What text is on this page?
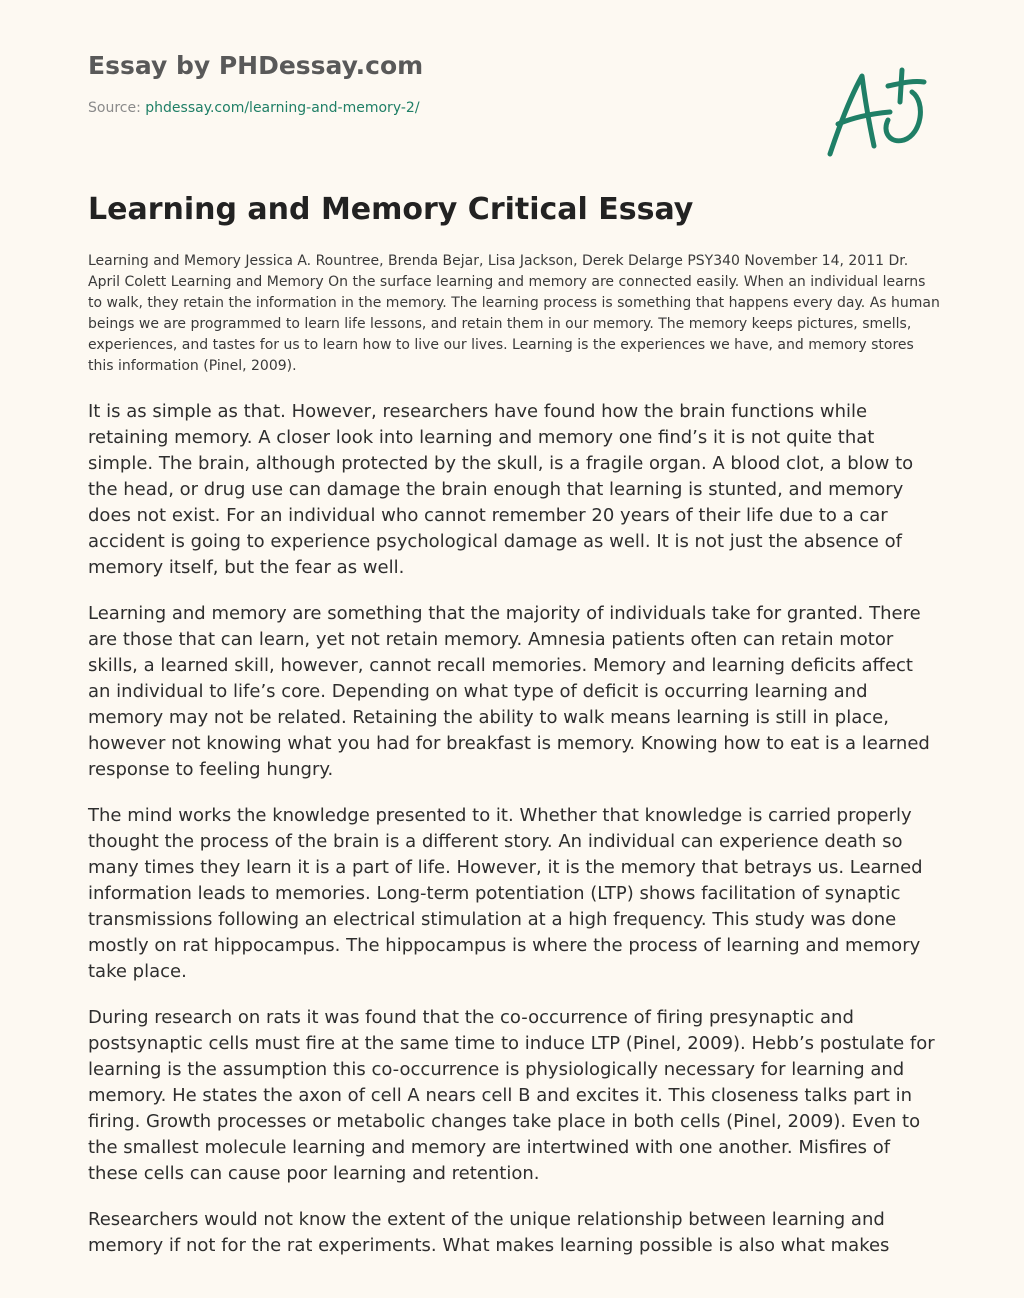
Essay by PHDessay.com
Source: phdessay.com/learning-and-memory-2/
Learning and Memory Critical Essay

Learning and Memory Jessica A. Rountree, Brenda Bejar, Lisa Jackson, Derek Delarge PSY340 November 14, 2011 Dr. April Colett Learning and Memory On the surface learning and memory are connected easily. When an individual learns to walk, they retain the information in the memory. The learning process is something that happens every day. As human beings we are programmed to learn life lessons, and retain them in our memory. The memory keeps pictures, smells, experiences, and tastes for us to learn how to live our lives. Learning is the experiences we have, and memory stores this information (Pinel, 2009).

It is as simple as that. However, researchers have found how the brain functions while retaining memory. A closer look into learning and memory one find’s it is not quite that simple. The brain, although protected by the skull, is a fragile organ. A blood clot, a blow to the head, or drug use can damage the brain enough that learning is stunted, and memory does not exist. For an individual who cannot remember 20 years of their life due to a car accident is going to experience psychological damage as well. It is not just the absence of memory itself, but the fear as well.

Learning and memory are something that the majority of individuals take for granted. There are those that can learn, yet not retain memory. Amnesia patients often can retain motor skills, a learned skill, however, cannot recall memories. Memory and learning deficits affect an individual to life’s core. Depending on what type of deficit is occurring learning and memory may not be related. Retaining the ability to walk means learning is still in place, however not knowing what you had for breakfast is memory. Knowing how to eat is a learned response to feeling hungry.

The mind works the knowledge presented to it. Whether that knowledge is carried properly thought the process of the brain is a different story. An individual can experience death so many times they learn it is a part of life. However, it is the memory that betrays us. Learned information leads to memories. Long-term potentiation (LTP) shows facilitation of synaptic transmissions following an electrical stimulation at a high frequency. This study was done mostly on rat hippocampus. The hippocampus is where the process of learning and memory take place.

During research on rats it was found that the co-occurrence of firing presynaptic and postsynaptic cells must fire at the same time to induce LTP (Pinel, 2009). Hebb’s postulate for learning is the assumption this co-occurrence is physiologically necessary for learning and memory. He states the axon of cell A nears cell B and excites it. This closeness talks part in firing. Growth processes or metabolic changes take place in both cells (Pinel, 2009). Even to the smallest molecule learning and memory are intertwined with one another. Misfires of these cells can cause poor learning and retention.

Researchers would not know the extent of the unique relationship between learning and memory if not for the rat experiments. What makes learning possible is also what makes
